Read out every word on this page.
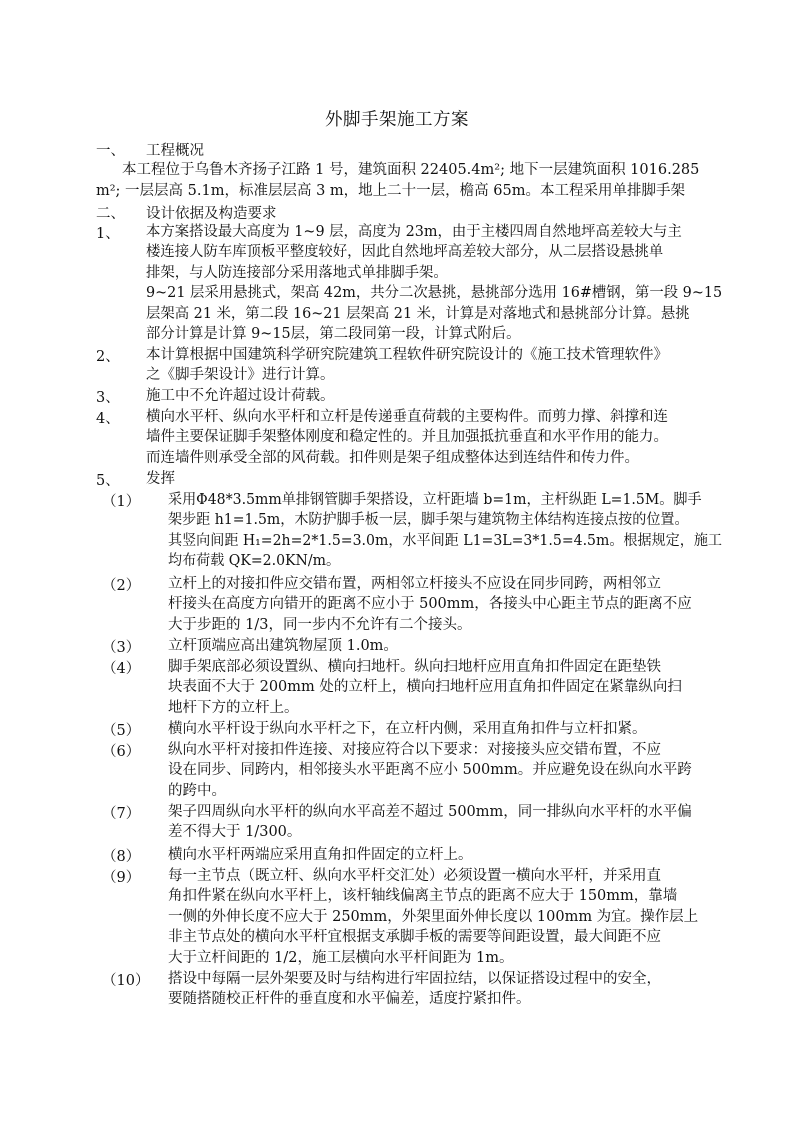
外脚手架施工方案
一、 工程概况
本工程位于乌鲁木齐扬子江路 1 号，建筑面积 22405.4m²; 地下一层建筑面积 1016.285
m²; 一层层高 5.1m，标准层层高 3 m，地上二十一层，檐高 65m。本工程采用单排脚手架
二、 设计依据及构造要求
1、 本方案搭设最大高度为 1~9 层，高度为 23m，由于主楼四周自然地坪高差较大与主
楼连接人防车库顶板平整度较好，因此自然地坪高差较大部分，从二层搭设悬挑单
排架，与人防连接部分采用落地式单排脚手架。
9~21 层采用悬挑式，架高 42m，共分二次悬挑，悬挑部分选用 16#槽钢，第一段 9~15
层架高 21 米，第二段 16~21 层架高 21 米，计算是对落地式和悬挑部分计算。悬挑
部分计算是计算 9~15层，第二段同第一段，计算式附后。
2、 本计算根据中国建筑科学研究院建筑工程软件研究院设计的《施工技术管理软件》
之《脚手架设计》进行计算。
3、 施工中不允许超过设计荷载。
4、 横向水平杆、纵向水平杆和立杆是传递垂直荷载的主要构件。而剪力撑、斜撑和连
墙件主要保证脚手架整体刚度和稳定性的。并且加强抵抗垂直和水平作用的能力。
而连墙件则承受全部的风荷载。扣件则是架子组成整体达到连结件和传力件。
5、 发挥
（1） 采用Φ48*3.5mm单排钢管脚手架搭设，立杆距墙 b=1m，主杆纵距 L=1.5M。脚手
架步距 h1=1.5m，木防护脚手板一层，脚手架与建筑物主体结构连接点按的位置。
其竖向间距 H₁=2h=2*1.5=3.0m，水平间距 L1=3L=3*1.5=4.5m。根据规定，施工
均布荷载 QK=2.0KN/m。
（2） 立杆上的对接扣件应交错布置，两相邻立杆接头不应设在同步同跨，两相邻立
杆接头在高度方向错开的距离不应小于 500mm，各接头中心距主节点的距离不应
大于步距的 1/3，同一步内不允许有二个接头。
（3） 立杆顶端应高出建筑物屋顶 1.0m。
（4） 脚手架底部必须设置纵、横向扫地杆。纵向扫地杆应用直角扣件固定在距垫铁
块表面不大于 200mm 处的立杆上，横向扫地杆应用直角扣件固定在紧靠纵向扫
地杆下方的立杆上。
（5） 横向水平杆设于纵向水平杆之下，在立杆内侧，采用直角扣件与立杆扣紧。
（6） 纵向水平杆对接扣件连接、对接应符合以下要求：对接接头应交错布置，不应
设在同步、同跨内，相邻接头水平距离不应小 500mm。并应避免设在纵向水平跨
的跨中。
（7） 架子四周纵向水平杆的纵向水平高差不超过 500mm，同一排纵向水平杆的水平偏
差不得大于 1/300。
（8） 横向水平杆两端应采用直角扣件固定的立杆上。
（9） 每一主节点（既立杆、纵向水平杆交汇处）必须设置一横向水平杆，并采用直
角扣件紧在纵向水平杆上，该杆轴线偏离主节点的距离不应大于 150mm，靠墙
一侧的外伸长度不应大于 250mm，外架里面外伸长度以 100mm 为宜。操作层上
非主节点处的横向水平杆宜根据支承脚手板的需要等间距设置，最大间距不应
大于立杆间距的 1/2，施工层横向水平杆间距为 1m。
（10） 搭设中每隔一层外架要及时与结构进行牢固拉结，以保证搭设过程中的安全，
要随搭随校正杆件的垂直度和水平偏差，适度拧紧扣件。
